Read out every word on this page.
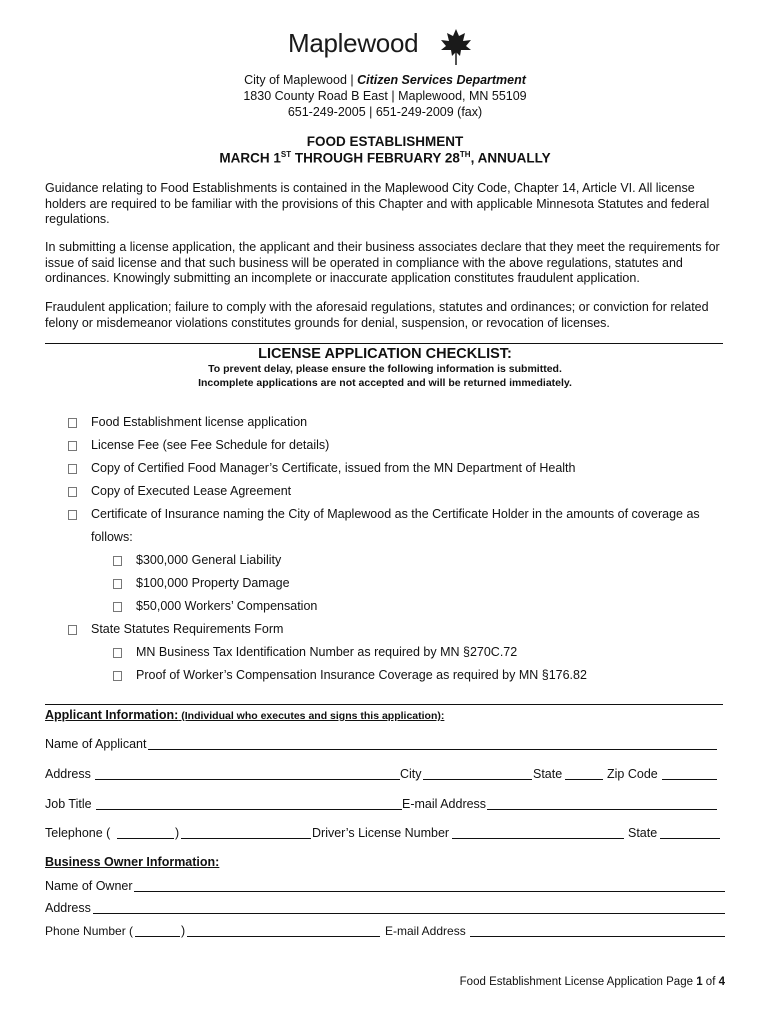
Maplewood
City of Maplewood | Citizen Services Department
1830 County Road B East | Maplewood, MN 55109
651-249-2005 | 651-249-2009 (fax)
FOOD ESTABLISHMENT
MARCH 1ST THROUGH FEBRUARY 28TH, ANNUALLY
Guidance relating to Food Establishments is contained in the Maplewood City Code, Chapter 14, Article VI. All license holders are required to be familiar with the provisions of this Chapter and with applicable Minnesota Statutes and federal regulations.
In submitting a license application, the applicant and their business associates declare that they meet the requirements for issue of said license and that such business will be operated in compliance with the above regulations, statutes and ordinances. Knowingly submitting an incomplete or inaccurate application constitutes fraudulent application.
Fraudulent application; failure to comply with the aforesaid regulations, statutes and ordinances; or conviction for related felony or misdemeanor violations constitutes grounds for denial, suspension, or revocation of licenses.
LICENSE APPLICATION CHECKLIST:
To prevent delay, please ensure the following information is submitted.
Incomplete applications are not accepted and will be returned immediately.
Food Establishment license application
License Fee (see Fee Schedule for details)
Copy of Certified Food Manager’s Certificate, issued from the MN Department of Health
Copy of Executed Lease Agreement
Certificate of Insurance naming the City of Maplewood as the Certificate Holder in the amounts of coverage as
follows:
$300,000 General Liability
$100,000 Property Damage
$50,000 Workers’ Compensation
State Statutes Requirements Form
MN Business Tax Identification Number as required by MN §270C.72
Proof of Worker’s Compensation Insurance Coverage as required by MN §176.82
Applicant Information: (Individual who executes and signs this application):
Name of Applicant
Address	City	State	Zip Code
Job Title	E-mail Address
Telephone (	)	Driver’s License Number	State
Business Owner Information:
Name of Owner
Address
Phone Number (	)	E-mail Address
Food Establishment License Application Page 1 of 4
